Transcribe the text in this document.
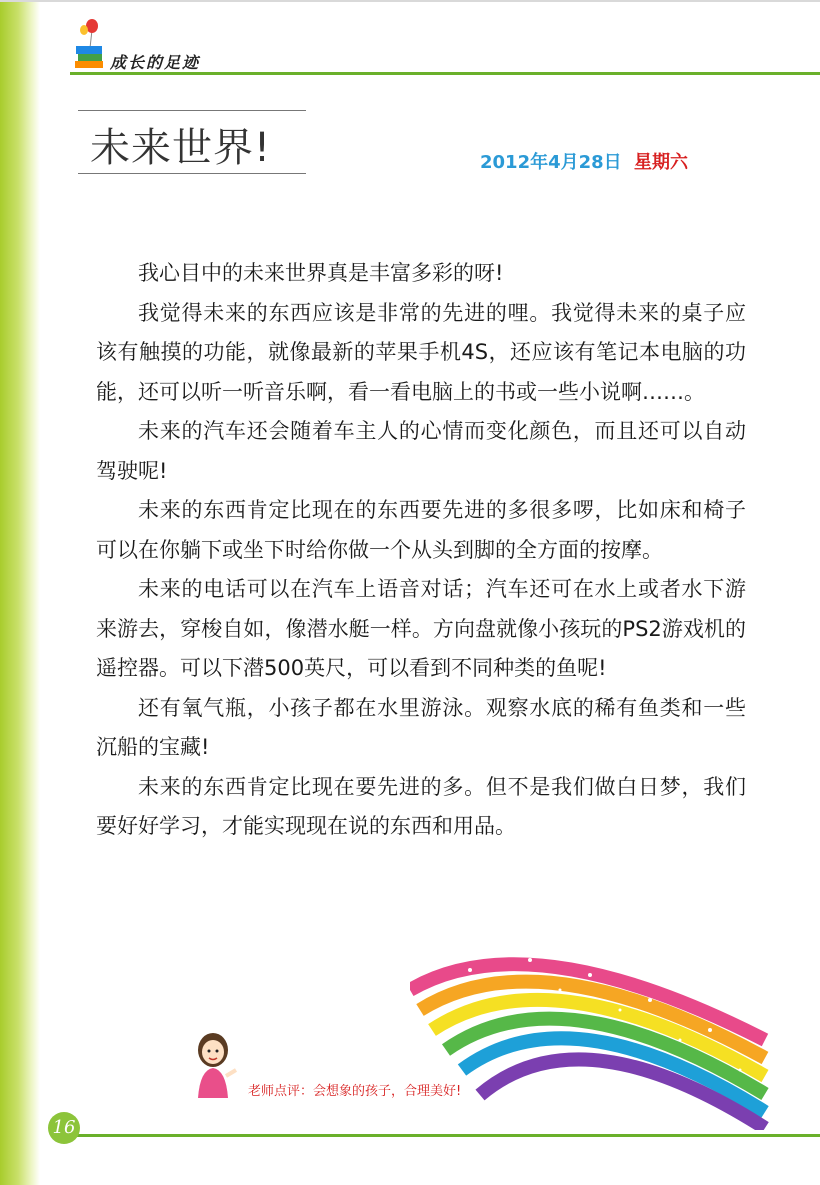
成长的足迹
未来世界!	2012年4月28日 星期六

我心目中的未来世界真是丰富多彩的呀!

我觉得未来的东西应该是非常的先进的哩。我觉得未来的桌子应该有触摸的功能，就像最新的苹果手机4S，还应该有笔记本电脑的功能，还可以听一听音乐啊，看一看电脑上的书或一些小说啊……。

未来的汽车还会随着车主人的心情而变化颜色，而且还可以自动驾驶呢!

未来的东西肯定比现在的东西要先进的多很多啰，比如床和椅子可以在你躺下或坐下时给你做一个从头到脚的全方面的按摩。

未来的电话可以在汽车上语音对话；汽车还可在水上或者水下游来游去，穿梭自如，像潜水艇一样。方向盘就像小孩玩的PS2游戏机的遥控器。可以下潜500英尺，可以看到不同种类的鱼呢!

还有氧气瓶，小孩子都在水里游泳。观察水底的稀有鱼类和一些沉船的宝藏!

未来的东西肯定比现在要先进的多。但不是我们做白日梦，我们要好好学习，才能实现现在说的东西和用品。

老师点评：会想象的孩子，合理美好!
16
